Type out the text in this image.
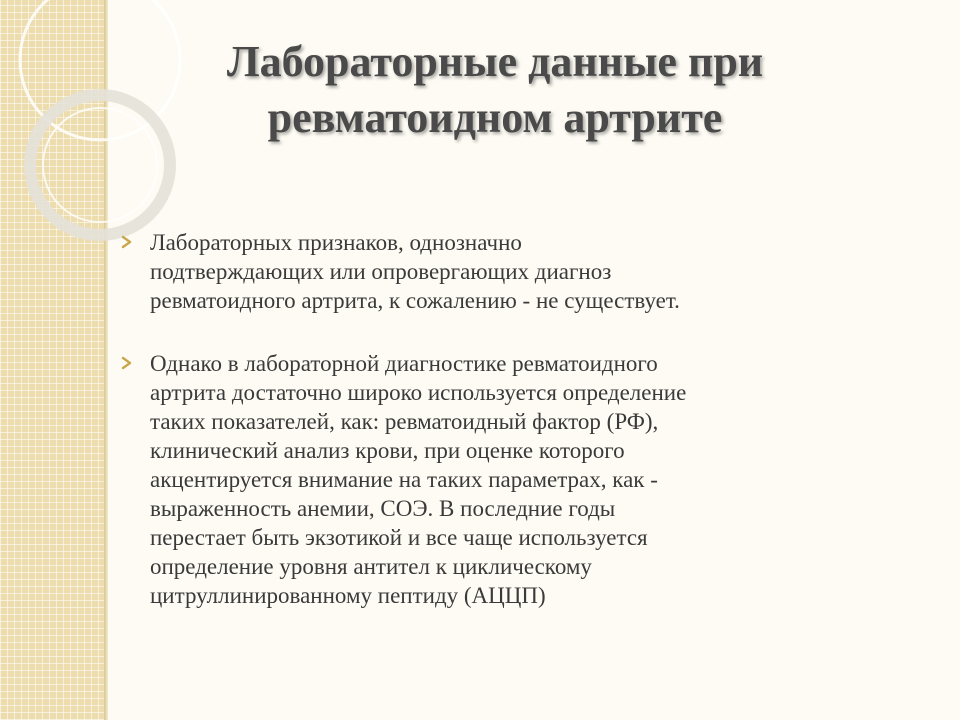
Лабораторные данные при
ревматоидном артрите
Лабораторных признаков, однозначно
подтверждающих или опровергающих диагноз
ревматоидного артрита, к сожалению - не существует.
Однако в лабораторной диагностике ревматоидного
артрита достаточно широко используется определение
таких показателей, как: ревматоидный фактор (РФ),
клинический анализ крови, при оценке которого
акцентируется внимание на таких параметрах, как -
выраженность анемии, СОЭ. В последние годы
перестает быть экзотикой и все чаще используется
определение уровня антител к циклическому
цитруллинированному пептиду (АЦЦП)
